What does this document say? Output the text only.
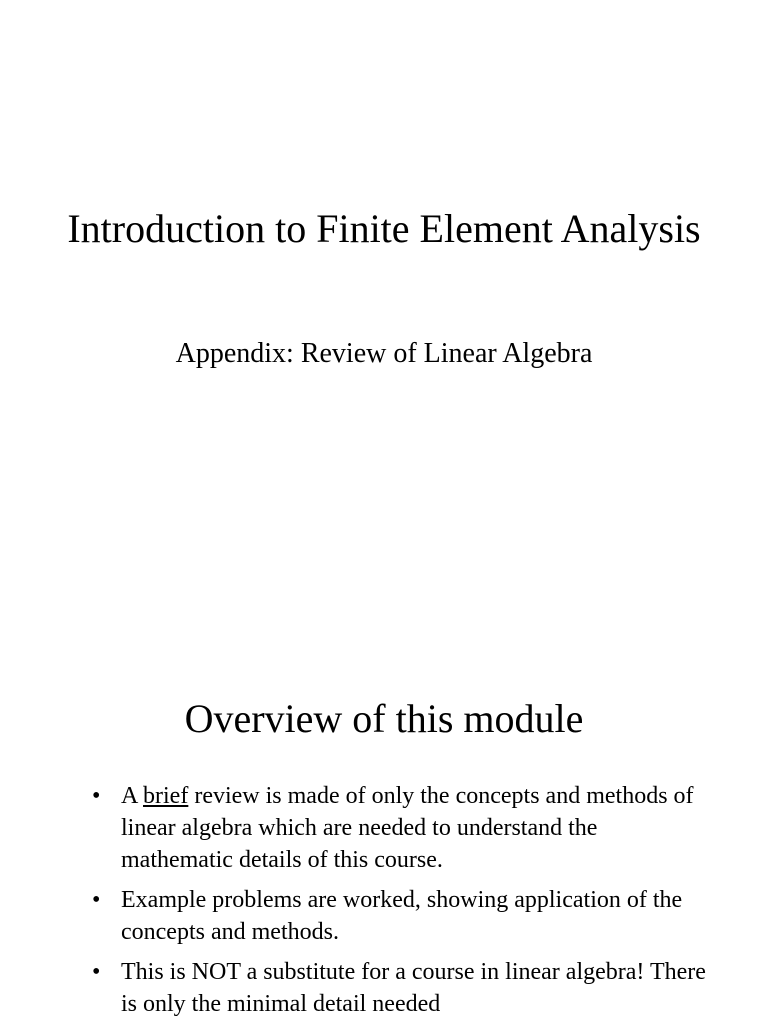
Introduction to Finite Element Analysis
Appendix: Review of Linear Algebra
Overview of this module
• A brief review is made of only the concepts and methods of linear algebra which are needed to understand the mathematic details of this course.
• Example problems are worked, showing application of the concepts and methods.
• This is NOT a substitute for a course in linear algebra! There is only the minimal detail needed
